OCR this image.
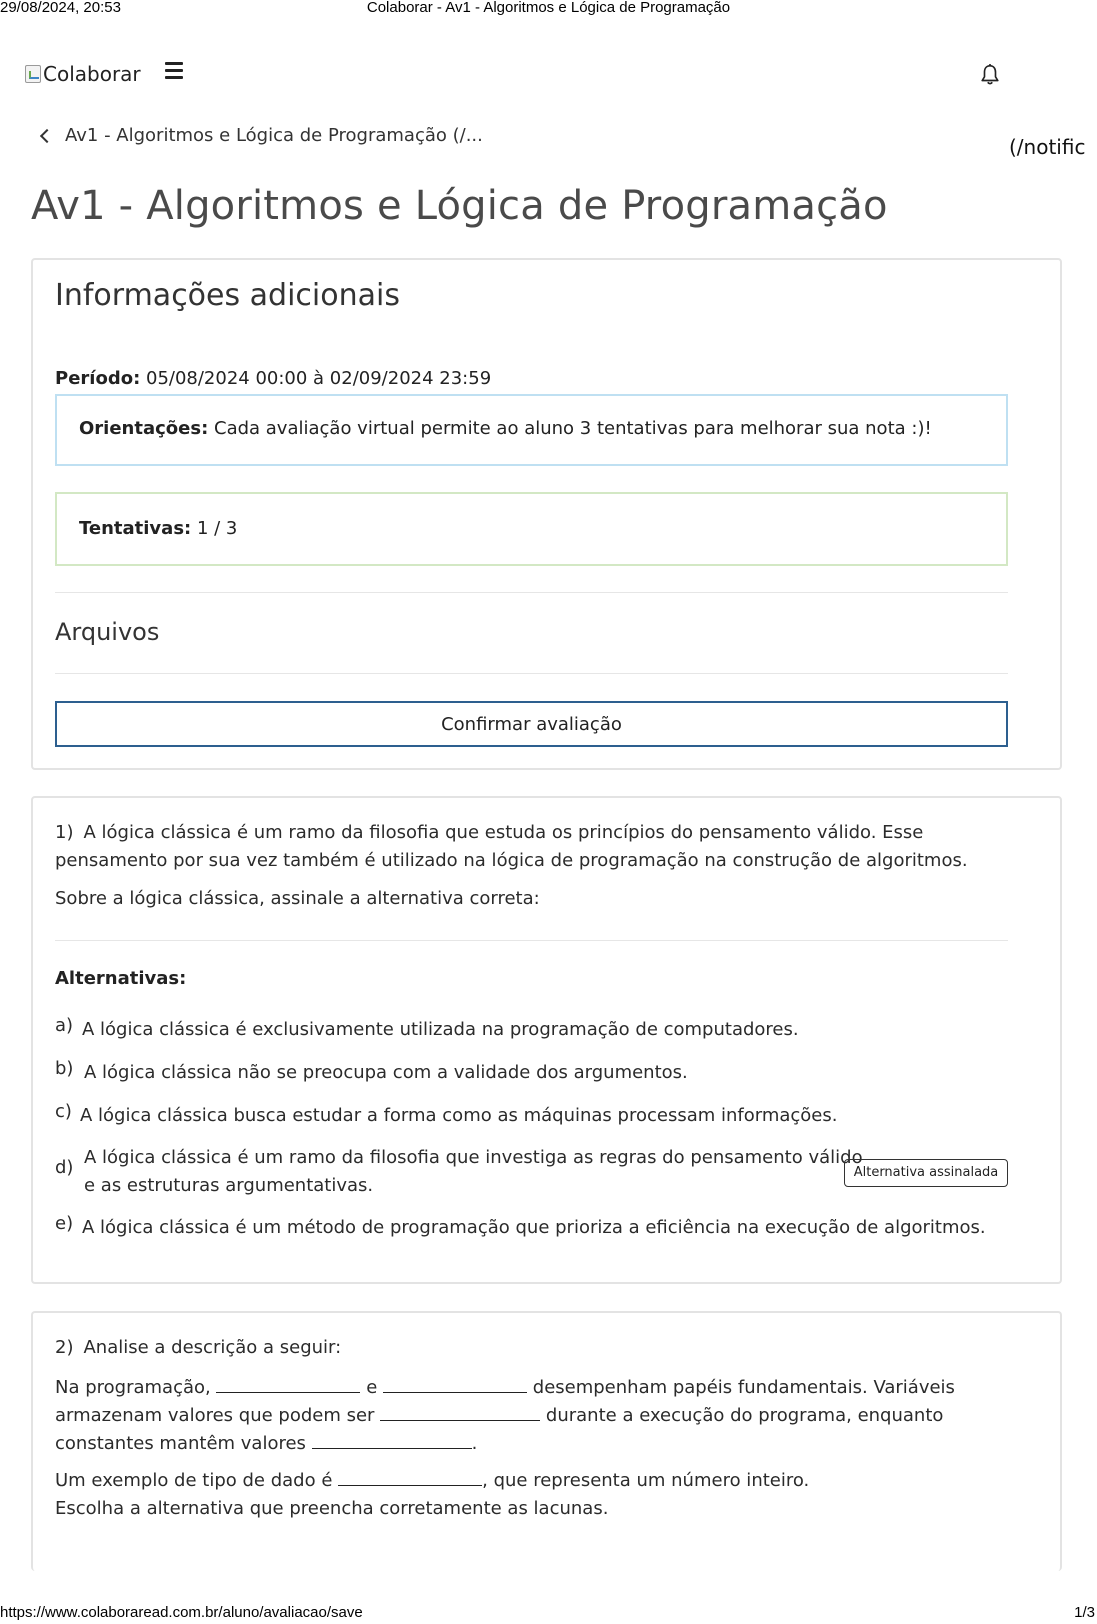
29/08/2024, 20:53	Colaborar - Av1 - Algoritmos e Lógica de Programação
Colaborar
Av1 - Algoritmos e Lógica de Programação (/...	(/notific
Av1 - Algoritmos e Lógica de Programação
Informações adicionais
Período: 05/08/2024 00:00 à 02/09/2024 23:59
Orientações: Cada avaliação virtual permite ao aluno 3 tentativas para melhorar sua nota :)!
Tentativas: 1 / 3
Arquivos
Confirmar avaliação
1) A lógica clássica é um ramo da filosofia que estuda os princípios do pensamento válido. Esse
pensamento por sua vez também é utilizado na lógica de programação na construção de algoritmos.
Sobre a lógica clássica, assinale a alternativa correta:
Alternativas:
a) A lógica clássica é exclusivamente utilizada na programação de computadores.
b) A lógica clássica não se preocupa com a validade dos argumentos.
c) A lógica clássica busca estudar a forma como as máquinas processam informações.
d) A lógica clássica é um ramo da filosofia que investiga as regras do pensamento válido
e as estruturas argumentativas.
Alternativa assinalada
e) A lógica clássica é um método de programação que prioriza a eficiência na execução de algoritmos.
2) Analise a descrição a seguir:
Na programação,	e	desempenham papéis fundamentais. Variáveis
armazenam valores que podem ser	durante a execução do programa, enquanto
constantes mantêm valores	.
Um exemplo de tipo de dado é	, que representa um número inteiro.
Escolha a alternativa que preencha corretamente as lacunas.
https://www.colaboraread.com.br/aluno/avaliacao/save	1/3
